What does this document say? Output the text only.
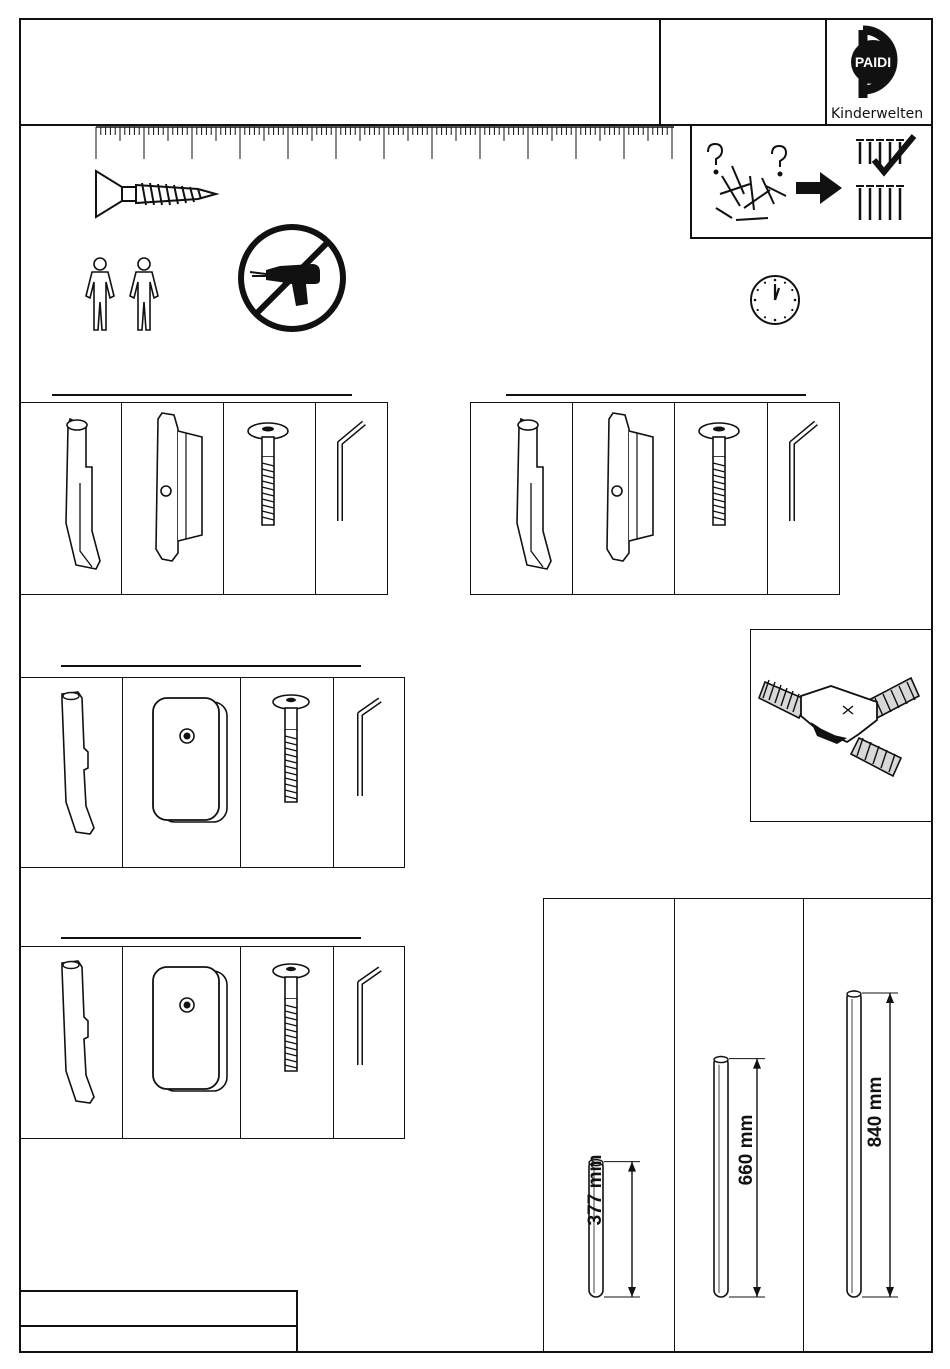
PAIDI
Kinderwelten
377 mm
660 mm
840 mm
